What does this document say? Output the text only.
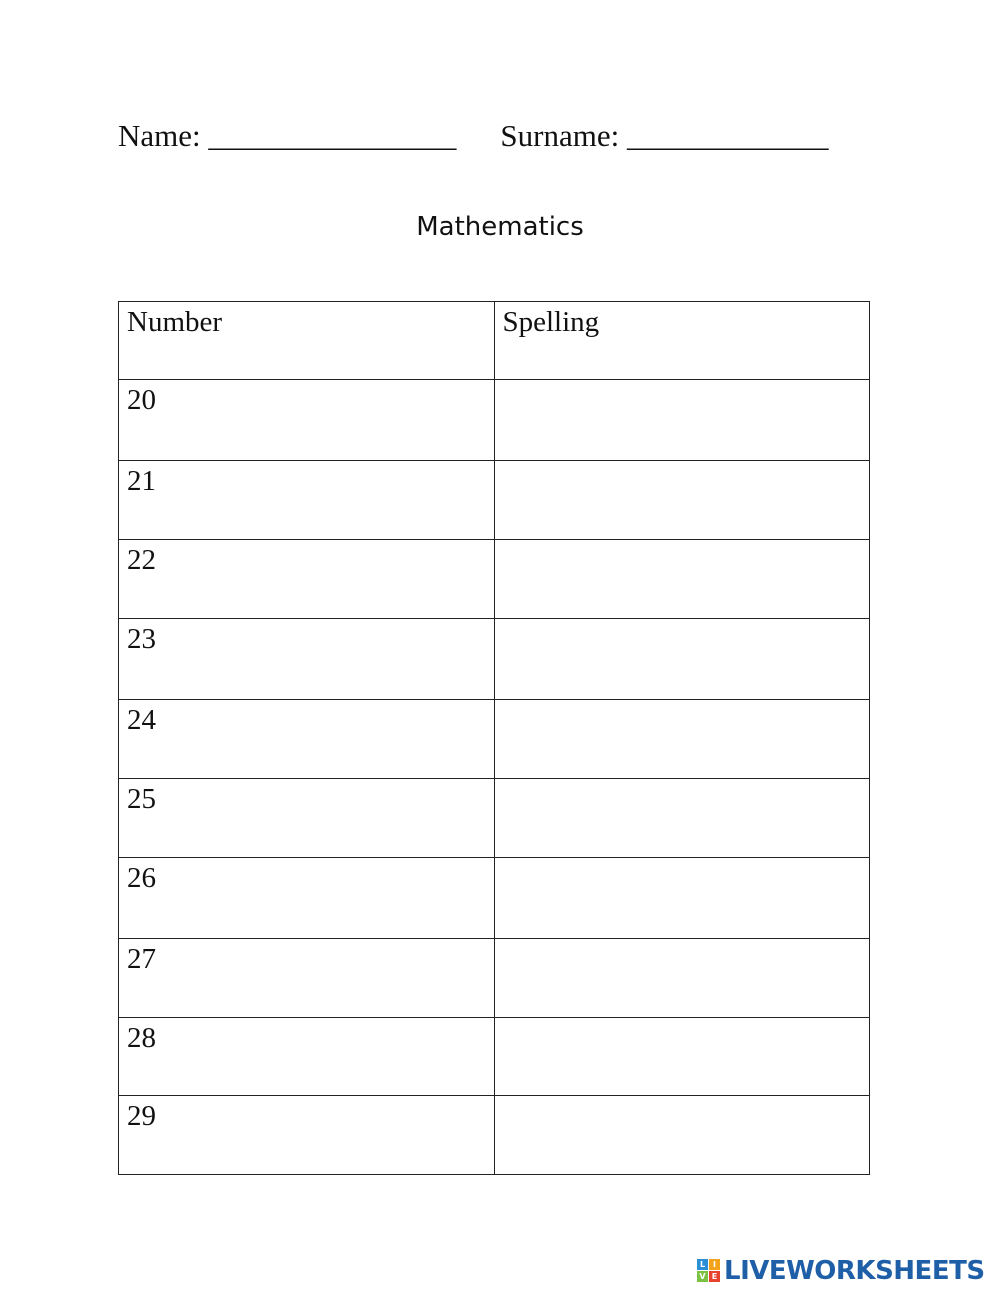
Name: ________________ Surname: _____________
Mathematics
Number	Spelling
20	
21	
22	
23	
24	
25	
26	
27	
28	
29	
L I
V E LIVEWORKSHEETS
